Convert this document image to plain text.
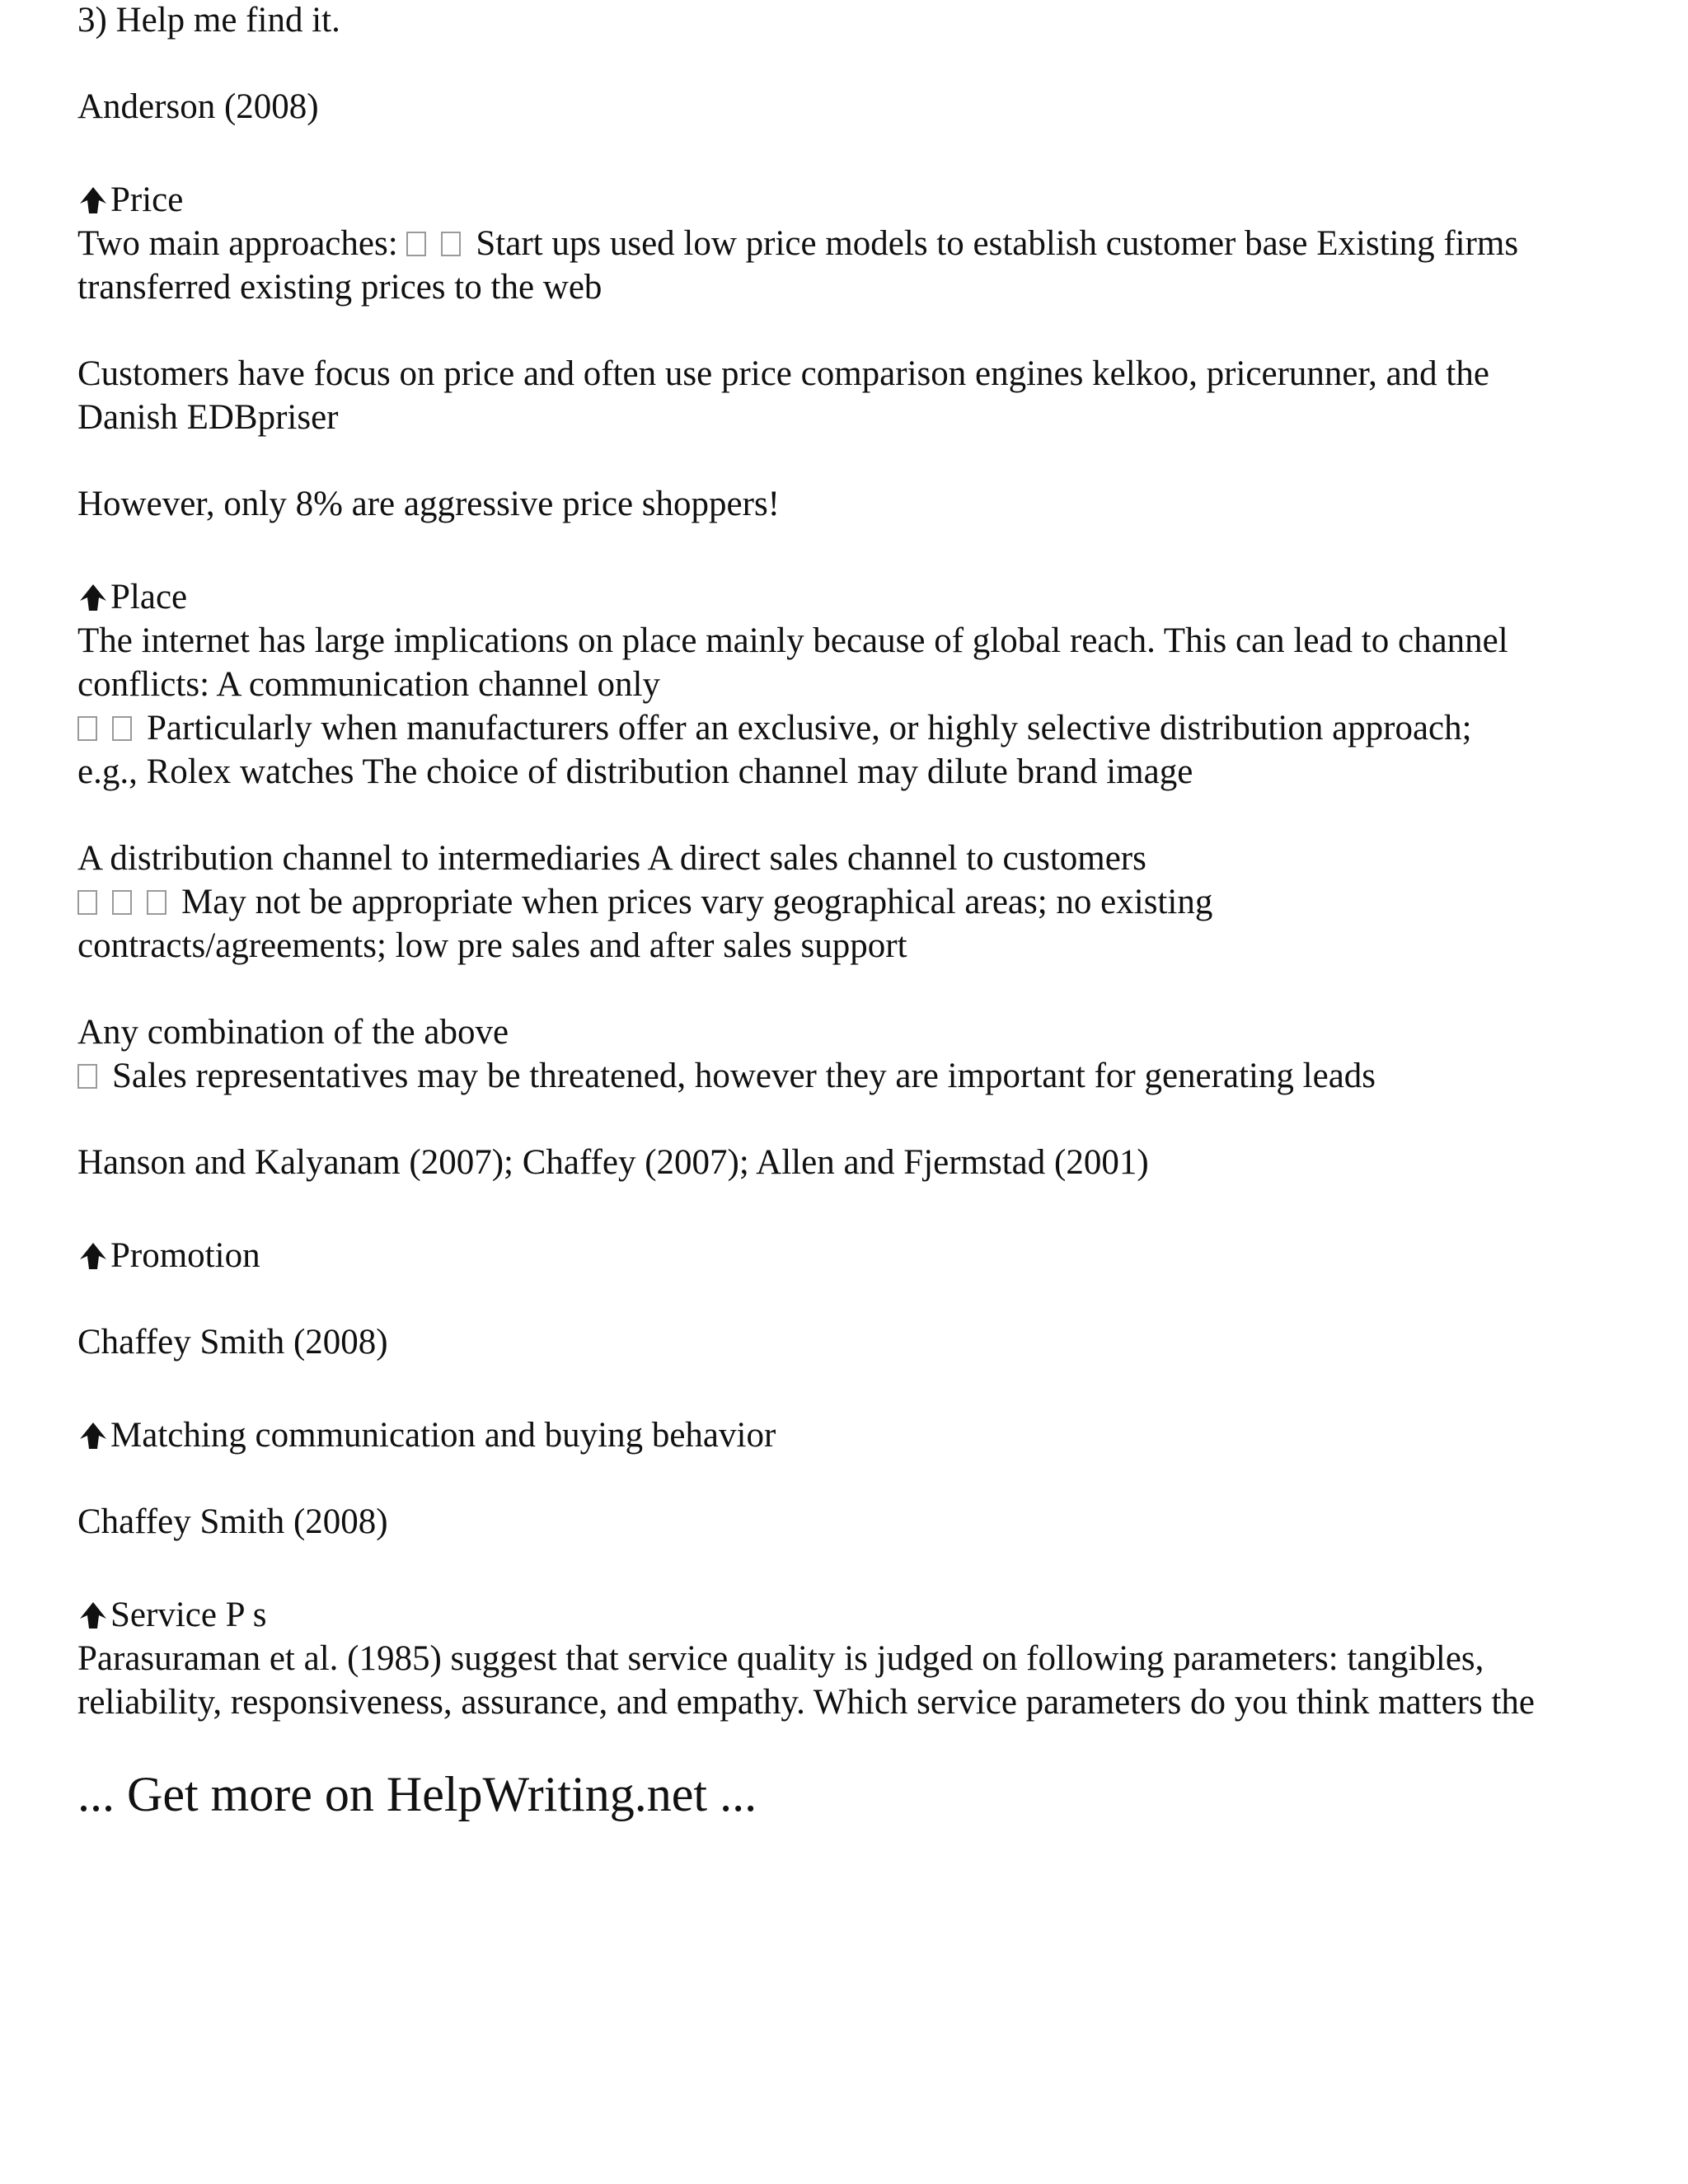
3) Help me find it.

Anderson (2008)

Price

Two main approaches: Start ups used low price models to establish customer base Existing firms

transferred existing prices to the web

Customers have focus on price and often use price comparison engines kelkoo, pricerunner, and the

Danish EDBpriser

However, only 8% are aggressive price shoppers!

Place

The internet has large implications on place mainly because of global reach. This can lead to channel

conflicts: A communication channel only

Particularly when manufacturers offer an exclusive, or highly selective distribution approach;

e.g., Rolex watches The choice of distribution channel may dilute brand image

A distribution channel to intermediaries A direct sales channel to customers

May not be appropriate when prices vary geographical areas; no existing

contracts/agreements; low pre sales and after sales support

Any combination of the above

Sales representatives may be threatened, however they are important for generating leads

Hanson and Kalyanam (2007); Chaffey (2007); Allen and Fjermstad (2001)

Promotion

Chaffey Smith (2008)

Matching communication and buying behavior

Chaffey Smith (2008)

Service P s

Parasuraman et al. (1985) suggest that service quality is judged on following parameters: tangibles,

reliability, responsiveness, assurance, and empathy. Which service parameters do you think matters the

... Get more on HelpWriting.net ...
